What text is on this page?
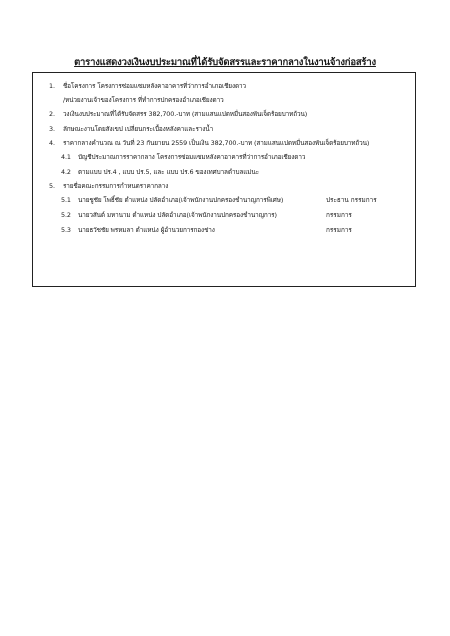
ตารางแสดงวงเงินงบประมาณที่ได้รับจัดสรรและราคากลางในงานจ้างก่อสร้าง
1. ชื่อโครงการ โครงการซ่อมแซมหลังคาอาคารที่ว่าการอำเภอเชียงดาว
/หน่วยงานเจ้าของโครงการ ที่ทำการปกครองอำเภอเชียงดาว
2. วงเงินงบประมาณที่ได้รับจัดสรร 382,700.-บาท (สามแสนแปดหมื่นสองพันเจ็ดร้อยบาทถ้วน)
3. ลักษณะงานโดยสังเขป เปลี่ยนกระเบื้องหลังคาและรางน้ำ
4. ราคากลางคำนวณ ณ วันที่ 23 กันยายน 2559 เป็นเงิน 382,700.-บาท (สามแสนแปดหมื่นสองพันเจ็ดร้อยบาทถ้วน)
4.1 บัญชีประมาณการราคากลาง โครงการซ่อมแซมหลังคาอาคารที่ว่าการอำเภอเชียงดาว
4.2 ตามแบบ ปร.4 , แบบ ปร.5, และ แบบ ปร.6 ของเทศบาลตำบลแม่นะ
5. รายชื่อคณะกรรมการกำหนดราคากลาง
5.1 นายชูชัย โพธิ์ชัย ตำแหน่ง ปลัดอำเภอ(เจ้าพนักงานปกครองชำนาญการพิเศษ)	ประธาน กรรมการ
5.2 นายวสันต์ มหานาม ตำแหน่ง ปลัดอำเภอ(เจ้าพนักงานปกครองชำนาญการ)	กรรมการ
5.3 นายธวัชชัย พรหมลา ตำแหน่ง ผู้อำนวยการกองช่าง	กรรมการ
